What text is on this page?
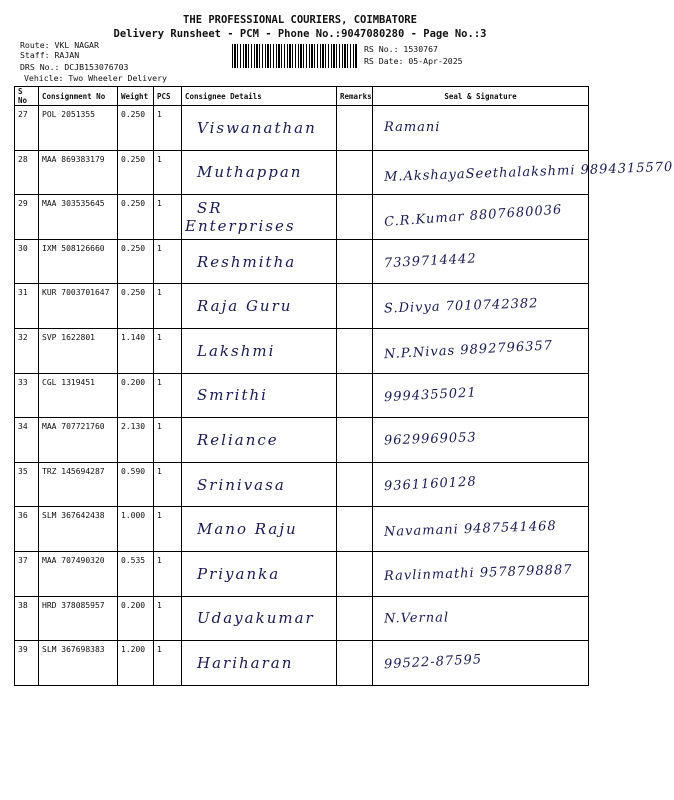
THE PROFESSIONAL COURIERS, COIMBATORE
Delivery Runsheet - PCM - Phone No.:9047080280 - Page No.:3
Route: VKL NAGAR
Staff: RAJAN
DRS No.: DCJB153076703
Vehicle: Two Wheeler Delivery
RS No.: 1530767
RS Date: 05-Apr-2025
S No	Consignment No	Weight	PCS	Consignee Details	Remarks	Seal & Signature
27	POL 2051355	0.250	1	Viswanathan		Ramani
28	MAA 869383179	0.250	1	Muthappan		M.AkshayaSeethalakshmi 9894315570
29	MAA 303535645	0.250	1	SR Enterprises		C.R.Kumar 8807680036
30	IXM 508126660	0.250	1	Reshmitha		7339714442
31	KUR 7003701647	0.250	1	Raja Guru		S.Divya 7010742382
32	SVP 1622801	1.140	1	Lakshmi		N.P.Nivas 9892796357
33	CGL 1319451	0.200	1	Smrithi		9994355021
34	MAA 707721760	2.130	1	Reliance		9629969053
35	TRZ 145694287	0.590	1	Srinivasa		9361160128
36	SLM 367642438	1.000	1	Mano Raju		Navamani 9487541468
37	MAA 707490320	0.535	1	Priyanka		Ravlinmathi 9578798887
38	HRD 378085957	0.200	1	Udayakumar		N.Vernal
39	SLM 367698383	1.200	1	Hariharan		99522-87595
